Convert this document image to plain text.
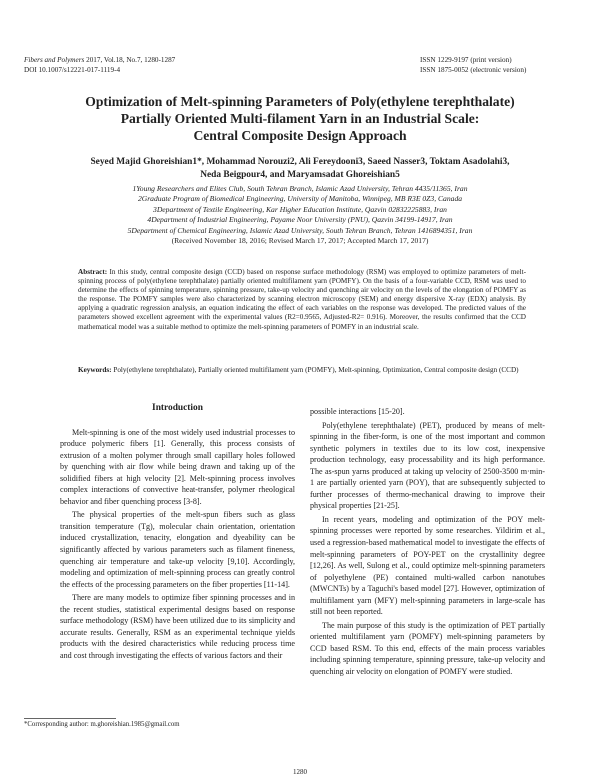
Fibers and Polymers 2017, Vol.18, No.7, 1280-1287
DOI 10.1007/s12221-017-1119-4
ISSN 1229-9197 (print version)
ISSN 1875-0052 (electronic version)
Optimization of Melt-spinning Parameters of Poly(ethylene terephthalate)
Partially Oriented Multi-filament Yarn in an Industrial Scale:
Central Composite Design Approach
Seyed Majid Ghoreishian1*, Mohammad Norouzi2, Ali Fereydooni3, Saeed Nasser3, Toktam Asadolahi3,
Neda Beigpour4, and Maryamsadat Ghoreishian5
1Young Researchers and Elites Club, South Tehran Branch, Islamic Azad University, Tehran 4435/11365, Iran
2Graduate Program of Biomedical Engineering, University of Manitoba, Winnipeg, MB R3E 0Z3, Canada
3Department of Textile Engineering, Kar Higher Education Institute, Qazvin 02832225883, Iran
4Department of Industrial Engineering, Payame Noor University (PNU), Qazvin 34199-14917, Iran
5Department of Chemical Engineering, Islamic Azad University, South Tehran Branch, Tehran 1416894351, Iran
(Received November 18, 2016; Revised March 17, 2017; Accepted March 17, 2017)
Abstract: In this study, central composite design (CCD) based on response surface methodology (RSM) was employed to optimize parameters of melt-spinning process of poly(ethylene terephthalate) partially oriented multifilament yarn (POMFY). On the basis of a four-variable CCD, RSM was used to determine the effects of spinning temperature, spinning pressure, take-up velocity and quenching air velocity on the levels of the elongation of POMFY as the response. The POMFY samples were also characterized by scanning electron microscopy (SEM) and energy dispersive X-ray (EDX) analysis. By applying a quadratic regression analysis, an equation indicating the effect of each variables on the response was developed. The predicted values of the parameters showed excellent agreement with the experimental values (R2=0.9565, Adjusted-R2= 0.916). Moreover, the results confirmed that the CCD mathematical model was a suitable method to optimize the melt-spinning parameters of POMFY in an industrial scale.
Keywords: Poly(ethylene terephthalate), Partially oriented multifilament yarn (POMFY), Melt-spinning, Optimization, Central composite design (CCD)
Introduction

Melt-spinning is one of the most widely used industrial processes to produce polymeric fibers [1]. Generally, this process consists of extrusion of a molten polymer through small capillary holes followed by quenching with air flow while being drawn and taking up of the solidified fibers at high velocity [2]. Melt-spinning process involves complex interactions of convective heat-transfer, polymer rheological behavior and fiber quenching process [3-8].

The physical properties of the melt-spun fibers such as glass transition temperature (Tg), molecular chain orientation, orientation induced crystallization, tenacity, elongation and dyeability can be significantly affected by various parameters such as filament fineness, quenching air temperature and take-up velocity [9,10]. Accordingly, modeling and optimization of melt-spinning process can greatly control the effects of the processing parameters on the fiber properties [11-14].

There are many models to optimize fiber spinning processes and in the recent studies, statistical experimental designs based on response surface methodology (RSM) have been utilized due to its simplicity and accurate results. Generally, RSM as an experimental technique yields products with the desired characteristics while reducing process time and cost through investigating the effects of various factors and their

possible interactions [15-20].

Poly(ethylene terephthalate) (PET), produced by means of melt-spinning in the fiber-form, is one of the most important and common synthetic polymers in textiles due to its low cost, inexpensive production technology, easy processability and its high performance. The as-spun yarns produced at taking up velocity of 2500-3500 m·min-1 are partially oriented yarn (POY), that are subsequently subjected to further processes of thermo-mechanical drawing to improve their physical properties [21-25].

In recent years, modeling and optimization of the POY melt-spinning processes were reported by some researches. Yildirim et al., used a regression-based mathematical model to investigate the effects of melt-spinning parameters of POY-PET on the crystallinity degree [12,26]. As well, Sulong et al., could optimize melt-spinning parameters of polyethylene (PE) contained multi-walled carbon nanotubes (MWCNTs) by a Taguchi's based model [27]. However, optimization of multifilament yarn (MFY) melt-spinning parameters in large-scale has still not been reported.

The main purpose of this study is the optimization of PET partially oriented multifilament yarn (POMFY) melt-spinning parameters by CCD based RSM. To this end, effects of the main process variables including spinning temperature, spinning pressure, take-up velocity and quenching air velocity on elongation of POMFY were studied.

*Corresponding author: m.ghoreishian.1985@gmail.com
1280
